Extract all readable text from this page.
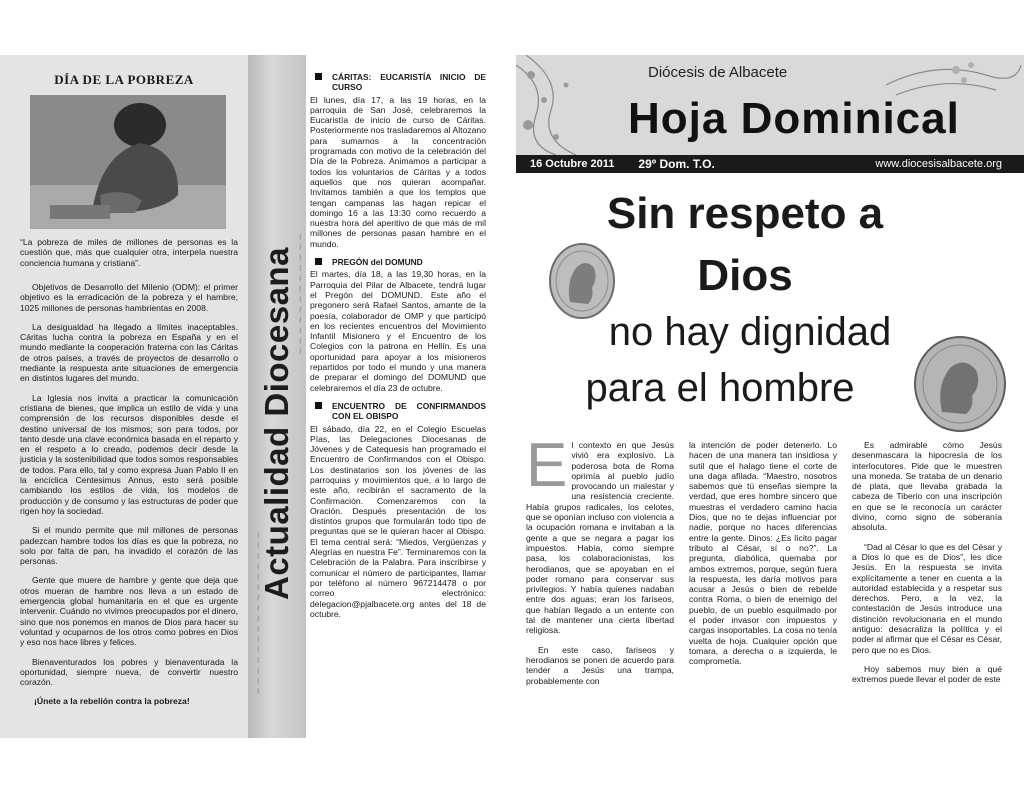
DÍA DE LA POBREZA
“La pobreza de miles de millones de personas es la cuestión que, más que cualquier otra, interpela nuestra conciencia humana y cristiana”.

Objetivos de Desarrollo del Milenio (ODM): el primer objetivo es la erradicación de la pobreza y el hambre, 1025 millones de personas hambrientas en 2008.

La desigualdad ha llegado a límites inaceptables. Cáritas lucha contra la pobreza en España y en el mundo mediante la cooperación fraterna con las Cáritas de otros países, a través de proyectos de desarrollo o mediante la respuesta ante situaciones de emergencia en distintos lugares del mundo.

La Iglesia nos invita a practicar la comunicación cristiana de bienes, que implica un estilo de vida y una comprensión de los recursos disponibles desde el destino universal de los mismos; son para todos, por tanto desde una clave económica basada en el reparto y en el respeto a lo creado, podemos decir desde la justicia y la sostenibilidad que todos somos responsables de todos. Para ello, tal y como expresa Juan Pablo II en la encíclica Centesimus Annus, esto será posible cambiando los estilos de vida, los modelos de producción y de consumo y las estructuras de poder que rigen hoy la sociedad.

Si el mundo permite que mil millones de personas padezcan hambre todos los días es que la pobreza, no solo por falta de pan, ha invadido el corazón de las personas.

Gente que muere de hambre y gente que deja que otros mueran de hambre nos lleva a un estado de emergencia global humanitaria en el que es urgente intervenir. Cuándo no vivimos preocupados por el dinero, sino que nos ponemos en manos de Dios para hacer su voluntad y ocuparnos de los otros como pobres en Dios y eso nos hace libres y felices.

Bienaventurados los pobres y bienaventurada la oportunidad, siempre nueva, de convertir nuestro corazón.

¡Únete a la rebelión contra la pobreza!
~ ~ ~ ~ ~ ~ ~ ~ ~ ~ ~ ~ ~ ~ ~ ~
~ ~ ~ ~ ~ ~ ~ ~ ~ ~ ~ ~
Actualidad Diocesana
CÁRITAS: EUCARISTÍA INICIO DE CURSO

El lunes, día 17, a las 19 horas, en la parroquia de San José, celebraremos la Eucaristía de inicio de curso de Cáritas. Posteriormente nos trasladaremos al Altozano para sumarnos a la concentración programada con motivo de la celebración del Día de la Pobreza. Animamos a participar a todos los voluntarios de Cáritas y a todos aquellos que nos quieran acompañar. Invitamos también a que los templos que tengan campanas las hagan repicar el domingo 16 a las 13:30 como recuerdo a nuestra hora del aperitivo de que más de mil millones de personas pasan hambre en el mundo.

PREGÓN del DOMUND

El martes, día 18, a las 19,30 horas, en la Parroquia del Pilar de Albacete, tendrá lugar el Pregón del DOMUND. Este año el pregonero será Rafael Santos, amante de la poesía, colaborador de OMP y que participó en los recientes encuentros del Movimiento Infantil Misionero y el Encuentro de los Colegios con la patrona en Hellín. Es una oportunidad para apoyar a los misioneros repartidos por todo el mundo y una manera de preparar el domingo del DOMUND que celebraremos el día 23 de octubre.

ENCUENTRO DE CONFIRMANDOS CON EL OBISPO

El sábado, día 22, en el Colegio Escuelas Pías, las Delegaciones Diocesanas de Jóvenes y de Catequesis han programado el Encuentro de Confirmandos con el Obispo. Los destinatarios son los jóvenes de las parroquias y movimientos que, a lo largo de este año, recibirán el sacramento de la Confirmación. Comenzaremos con la Oración. Después presentación de los distintos grupos que formularán todo tipo de preguntas que se le quieran hacer al Obispo. El tema central será: “Miedos, Vergüenzas y Alegrías en nuestra Fe”. Terminaremos con la Celebración de la Palabra. Para inscribirse y comunicar el número de participantes, llamar por teléfono al número 967214478 o por correo electrónico: delegacion@pjalbacete.org antes del 18 de octubre.

Diócesis de Albacete
Hoja Dominical
16 Octubre 2011 29º Dom. T.O.	www.diocesisalbacete.org
Sin respeto a
Dios
no hay dignidad
para el hombre
E l contexto en que Jesús vivió era explosivo. La poderosa bota de Roma oprimía al pueblo judío provocando un malestar y una resistencia creciente. Había grupos radicales, los celotes, que se oponían incluso con violencia a la ocupación romana e invitaban a la gente a que se negara a pagar los impuestos. Había, como siempre pasa, los colaboracionistas, los herodianos, que se apoyaban en el poder romano para conservar sus privilegios. Y había quienes nadaban entre dos aguas; eran los fariseos, que habían llegado a un entente con tal de mantener una cierta libertad religiosa.

En este caso, fariseos y herodianos se ponen de acuerdo para tender a Jesús una trampa, probablemente con

la intención de poder detenerlo. Lo hacen de una manera tan insidiosa y sutil que el halago tiene el corte de una daga afilada. “Maestro, nosotros sabemos que tú enseñas siempre la verdad, que eres hombre sincero que muestras el verdadero camino hacia Dios, que no te dejas influenciar por nadie, porque no haces diferencias entre la gente. Dinos: ¿Es lícito pagar tributo al César, sí o no?”. La pregunta, diabólica, quemaba por ambos extremos, porque, según fuera la respuesta, les daría motivos para acusar a Jesús o bien de rebelde contra Roma, o bien de enemigo del pueblo, de un pueblo esquilmado por el poder invasor con impuestos y cargas insoportables. La cosa no tenía vuelta de hoja. Cualquier opción que tomara, a derecha o a izquierda, le comprometía.

Es admirable cómo Jesús desenmascara la hipocresía de los interlocutores. Pide que le muestren una moneda. Se trataba de un denario de plata, que llevaba grabada la cabeza de Tiberio con una inscripción en que se le reconocía un carácter divino, como signo de soberanía absoluta.

“Dad al César lo que es del César y a Dios lo que es de Dios”, les dice Jesús. En la respuesta se invita explícitamente a tener en cuenta a la autoridad establecida y a respetar sus derechos. Pero, a la vez, la contestación de Jesús introduce una distinción revolucionaria en el mundo antiguo: desacraliza la política y el poder al afirmar que el César es César, pero que no es Dios.

Hoy sabemos muy bien a qué extremos puede llevar el poder de este
